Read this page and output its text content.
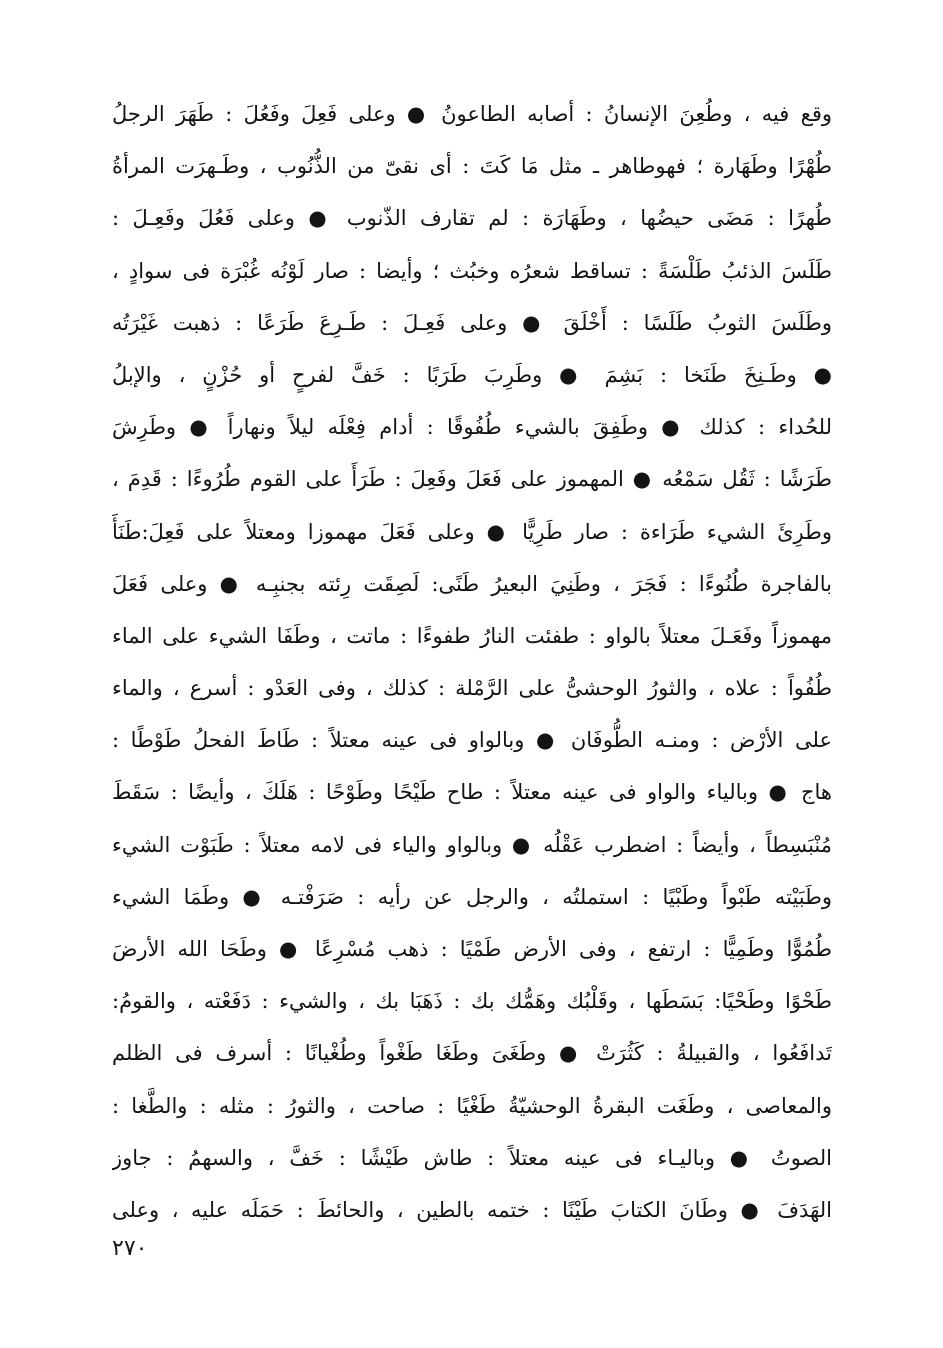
وقع فيه ، وطُعِنَ الإنسانُ : أصابه الطاعونُ ● وعلى فَعِلَ وفَعُلَ : طَهَرَ الرجلُ
طُهْرًا وطَهَارة ؛ فهوطاهر ـ مثل مَا كَتَ : أى نقىّ من الذُّنُوب ، وطَـهرَت المرأةُ
طُهرًا : مَضَى حيضُها ، وطَهَارَة : لم تقارف الذّنوب ● وعلى فَعُلَ وفَعِـلَ :
طَلَسَ الذئبُ طَلْسَةً : تساقط شعرُه وخبُث ؛ وأيضا : صار لَوْنُه غُبْرَة فى سوادٍ ،
وطَلَسَ الثوبُ طَلَسًا : أَخْلَقَ ● وعلى فَعِـلَ : طَـرِعَ طَرَعًا : ذهبت غَيْرَتُه
● وطَـنِخَ طَنَخا : بَشِمَ ● وطَرِبَ طَرَبًا : خَفَّ لفرحٍ أو حُزْنٍ ، والإبلُ
للحُداء : كذلك ● وطَفِقَ بالشيء طُفُوقًا : أدام فِعْلَه ليلاً ونهاراً ● وطَرِشَ
طَرَشًا : ثَقُل سَمْعُه ● المهموز على فَعَلَ وفَعِلَ : طَرَأَ على القوم طُرُوءًا : قَدِمَ ،
وطَرِئَ الشيء طَرَاءة : صار طَرِيًّا ● وعلى فَعَلَ مهموزا ومعتلاً على فَعِلَ:طَنَأَ
بالفاجرة طُنُوءًا : فَجَرَ ، وطَنِيَ البعيرُ طَنًى: لَصِقَت رِئته بجنبِـه ● وعلى فَعَلَ
مهموزاً وفَعَـلَ معتلاً بالواو : طفئت النارُ طفوءًا : ماتت ، وطَفَا الشيء على الماء
طُفُواً : علاه ، والثورُ الوحشىُّ على الرَّمْلة : كذلك ، وفى العَدْو : أسرع ، والماء
على الأرْض : ومنـه الطُّوفَان ● وبالواو فى عينه معتلاً : طَاطَ الفحلُ طَوْطًا :
هاج ● وبالياء والواو فى عينه معتلاً : طاح طَيْحًا وطَوْحًا : هَلَكَ ، وأيضًا : سَقَطَ
مُنْبَسِطاً ، وأيضاً : اضطرب عَقْلُه ● وبالواو والياء فى لامه معتلاً : طَبَوْت الشيء
وطَبَيْته طَبْواً وطَبْيًا : استملتُه ، والرجل عن رأيه : صَرَفْتـه ● وطَمَا الشيء
طُمُوًّا وطَمِيًّا : ارتفع ، وفى الأرض طَمْيًا : ذهب مُسْرِعًا ● وطَحَا الله الأرضَ
طَحْوًا وطَحْيًا: بَسَطَها ، وقَلْبُك وهَمُّك بك : ذَهَبَا بك ، والشيء : دَفَعْته ، والقومُ:
تَدافَعُوا ، والقبيلةُ : كَثُرَتْ ● وطَغَىَ وطَغَا طَغْواً وطُغْيانًا : أسرف فى الظلم
والمعاصى ، وطَغَت البقرةُ الوحشيّةُ طَغْيًا : صاحت ، والثورُ : مثله : والطَّغا :
الصوتُ ● وباليـاء فى عينه معتلاً : طاش طَيْشًا : خَفَّ ، والسهمُ : جاوز
الهَدَفَ ● وطَانَ الكتابَ طَيْنًا : ختمه بالطين ، والحائطَ : حَمَلَه عليه ، وعلى
٢٧٠
